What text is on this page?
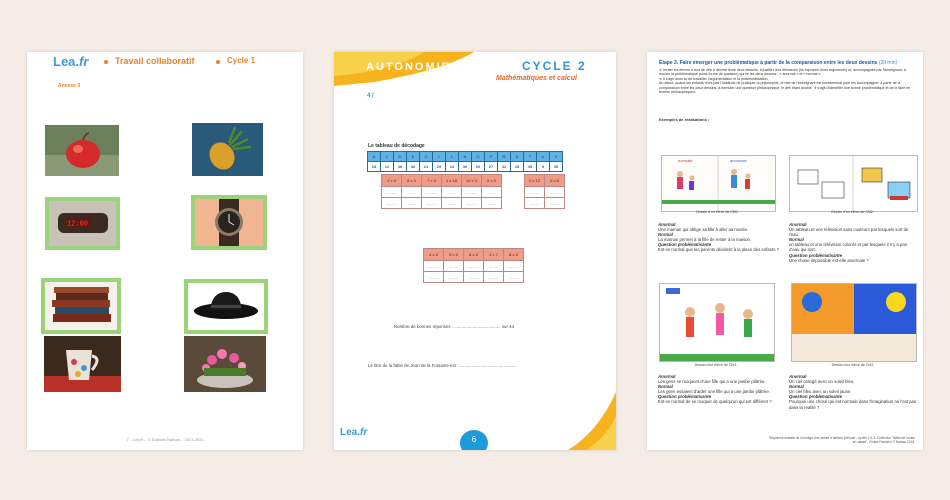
Lea.fr	Travail collaboratif	Cycle 1
Annexe 3
12:00
7 – Lea.fr – © Éditions Nathan – 2021-2022
AUTONOMIE	CYCLE 2
Mathématiques et calcul
4 /
Le tableau de décodage
A	C	D	E	G	I	L	N	O	P	R	S	T	U	V
18	12	36	40	21	25	24	30	20	27	32	28	45	9	35
4 x 9	8 x 3	7 x 5	1 x 18	10 x 3	5 x 9
........	........	........	........	........	........
........	........	........	........	........	........
2 x 12	3 x 8
........	........
........	........
4 x 5	5 x 5	6 x 5	3 x 7	8 x 5
........	........	........	........	........
........	........	........	........	........
Nombre de bonnes réponses : ...................................... sur 44
Le titre de la fable de Jean de la Fontaine est : ...............................................
Lea.fr
6
Étape 3. Faire émerger une problématique à partir de la comparaison entre les deux dessins (20 min)
➜ Inviter les élèves à tour de rôle à décrire leurs deux dessins, à justifier leur démarche (ils exposent leurs arguments) et, accompagnés par l'enseignant, à trouver la problématique (sous forme de question) qui lie les deux dessins : « anormal » et « normal ».
➜ Il s'agit donc ici de travailler l'argumentation et la problématisation.
Au début, quand les enfants n'ont pas l'habitude de pratiquer la philosophie, le rôle de l'enseignant est fondamental pour les accompagner, à partir de la comparaison entre les deux dessins, à formuler une question philosophique, le défi étant double : il s'agit d'identifier une bonne problématique et de le faire en termes philosophiques.
Exemples de réalisations :
normale	anormale
Dessin d'un élève de CM1.
Anormal
Une maman qui oblige sa fille à aller au musée.
Normal
La maman permet à la fille de rester à la maison.
Question problématisante
Est-ce normal que les parents décident à la place des enfants ?
Dessin d'un élève de CM2.
Anormal
Un tableau et une télévision sans couleurs par lesquels sort de l'eau.
Normal
un tableau et une télévision colorés et par lesquels il n'y a pas d'eau qui sort.
Question problématisante
Une chose impossible est-elle anormale ?
Dessin d'un élève de CM1.
Anormal
Les gens se moquent d'une fille qui a une jambe plâtrée.
Normal
Les gens essaient d'aider une fille qui a une jambe plâtrée.
Question problématisante
Est-ce normal de se moquer de quelqu'un qui est différent ?
Dessin d'un élève de CM2.
Anormal
Un ciel orangé avec un soleil bleu.
Normal
Un ciel bleu avec un soleil jaune.
Question problématisante
Pourquoi une chose qui est normale dans l'imagination ne l'est pas dans la réalité ?
Séquence extraite de l'ouvrage Une année d'ateliers philo.art - cycles 2 & 3. Collection "Méthode toutes en classe", Chiara Pastorini © Nathan 2018.
